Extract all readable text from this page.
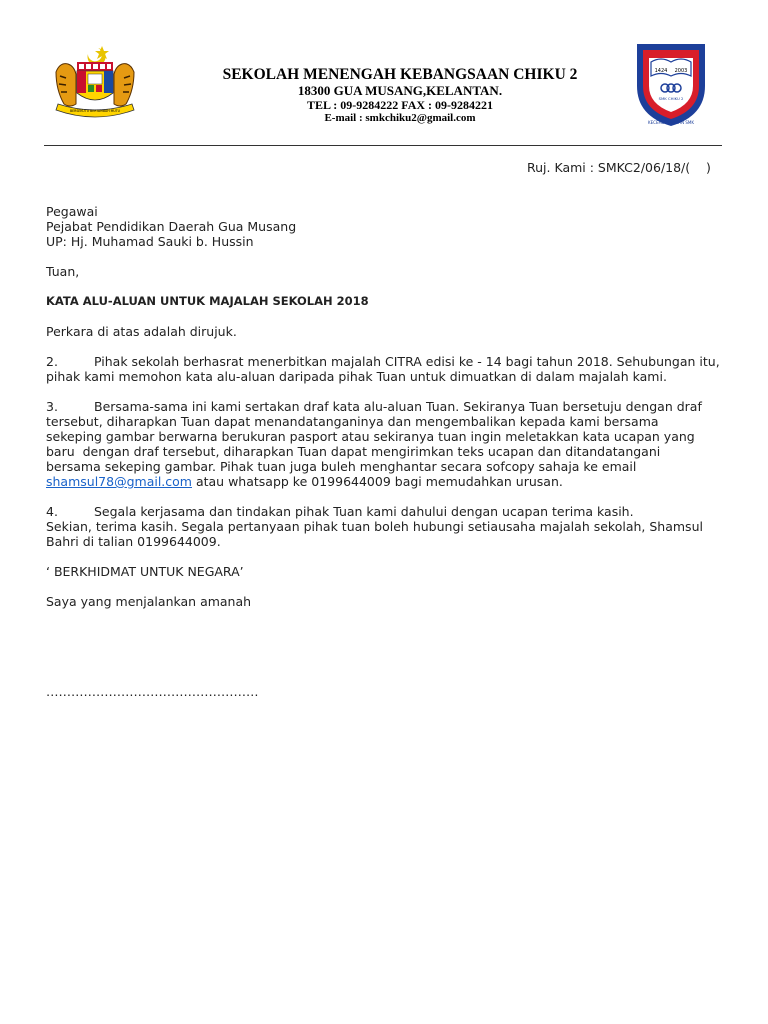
BERSEKUTU BERTAMBAH MUTU
SEKOLAH MENENGAH KEBANGSAAN CHIKU 2
18300 GUA MUSANG,KELANTAN.
TEL : 09-9284222 FAX : 09-9284221
E-mail : smkchiku2@gmail.com
1424 2003
SMK CHIKU 2
KECEMERLANGAN SMK
Ruj. Kami : SMKC2/06/18/(    )
Pegawai
Pejabat Pendidikan Daerah Gua Musang
UP: Hj. Muhamad Sauki b. Hussin
Tuan,
KATA ALU-ALUAN UNTUK MAJALAH SEKOLAH 2018
Perkara di atas adalah dirujuk.
2.	Pihak sekolah berhasrat menerbitkan majalah CITRA edisi ke - 14 bagi tahun 2018. Sehubungan itu,
pihak kami memohon kata alu-aluan daripada pihak Tuan untuk dimuatkan di dalam majalah kami.
3.	Bersama-sama ini kami sertakan draf kata alu-aluan Tuan. Sekiranya Tuan bersetuju dengan draf
tersebut, diharapkan Tuan dapat menandatanganinya dan mengembalikan kepada kami bersama
sekeping gambar berwarna berukuran pasport atau sekiranya tuan ingin meletakkan kata ucapan yang
baru  dengan draf tersebut, diharapkan Tuan dapat mengirimkan teks ucapan dan ditandatangani
bersama sekeping gambar. Pihak tuan juga buleh menghantar secara sofcopy sahaja ke email
shamsul78@gmail.com atau whatsapp ke 0199644009 bagi memudahkan urusan.
4.	Segala kerjasama dan tindakan pihak Tuan kami dahului dengan ucapan terima kasih.
Sekian, terima kasih. Segala pertanyaan pihak tuan boleh hubungi setiausaha majalah sekolah, Shamsul
Bahri di talian 0199644009.
‘ BERKHIDMAT UNTUK NEGARA’
Saya yang menjalankan amanah
……………………………………………
